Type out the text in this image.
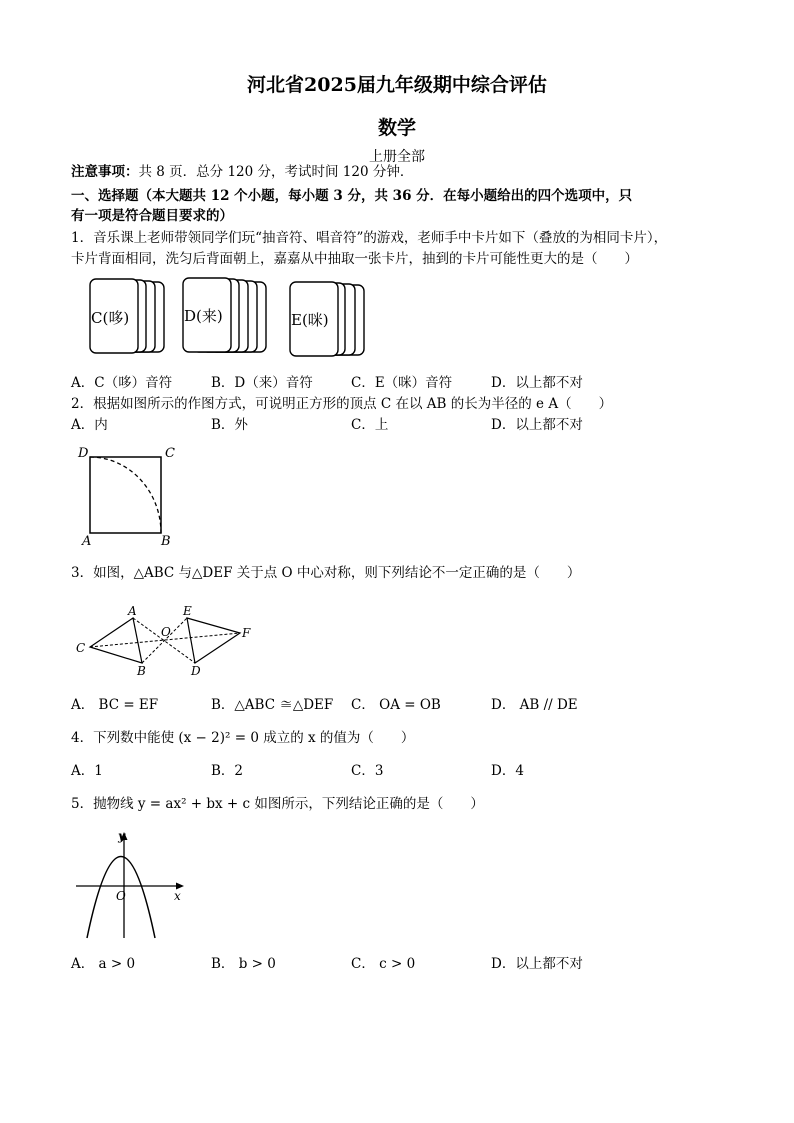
河北省2025届九年级期中综合评估
数学
上册全部
注意事项：共 8 页．总分 120 分，考试时间 120 分钟．
一、选择题（本大题共 12 个小题，每小题 3 分，共 36 分．在每小题给出的四个选项中，只
有一项是符合题目要求的）
1．音乐课上老师带领同学们玩“抽音符、唱音符”的游戏，老师手中卡片如下（叠放的为相同卡片），
卡片背面相同，洗匀后背面朝上，嘉嘉从中抽取一张卡片，抽到的卡片可能性更大的是（　　）
C(哆)	D(来)	E(咪)
A．C（哆）音符	B．D（来）音符	C．E（咪）音符	D．以上都不对
2．根据如图所示的作图方式，可说明正方形的顶点 C 在以 AB 的长为半径的 e A（　　）
A．内	B．外	C．上	D．以上都不对
D	C
A	B
3．如图，△ABC 与△DEF 关于点 O 中心对称，则下列结论不一定正确的是（　　）
A	E
O
C
F
B	D
A． BC = EF	B．△ABC ≅△DEF C． OA = OB	D． AB // DE
4．下列数中能使 (x − 2)² = 0 成立的 x 的值为（　　）
A．1	B．2	C．3	D．4
5．抛物线 y = ax² + bx + c 如图所示，下列结论正确的是（　　）
y
O	x
A． a > 0	B． b > 0	C． c > 0	D．以上都不对
